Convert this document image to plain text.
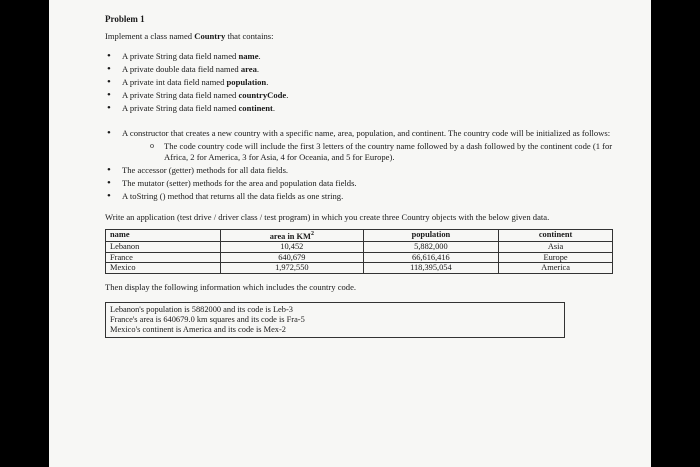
Problem 1
Implement a class named Country that contains:
• A private String data field named name.
• A private double data field named area.
• A private int data field named population.
• A private String data field named countryCode.
• A private String data field named continent.
• A constructor that creates a new country with a specific name, area, population, and continent. The country code will be initialized as follows:
o The code country code will include the first 3 letters of the country name followed by a dash followed by the continent code (1 for Africa, 2 for America, 3 for Asia, 4 for Oceania, and 5 for Europe).
• The accessor (getter) methods for all data fields.
• The mutator (setter) methods for the area and population data fields.
• A toString () method that returns all the data fields as one string.
Write an application (test drive / driver class / test program) in which you create three Country objects with the below given data.
name	area in $KM^2$	population	continent
Lebanon	10,452	5,882,000	Asia
France	640,679	66,616,416	Europe
Mexico	1,972,550	118,395,054	America
Then display the following information which includes the country code.
Lebanon's population is 5882000 and its code is Leb-3
France's area is 640679.0 km squares and its code is Fra-5
Mexico's continent is America and its code is Mex-2
